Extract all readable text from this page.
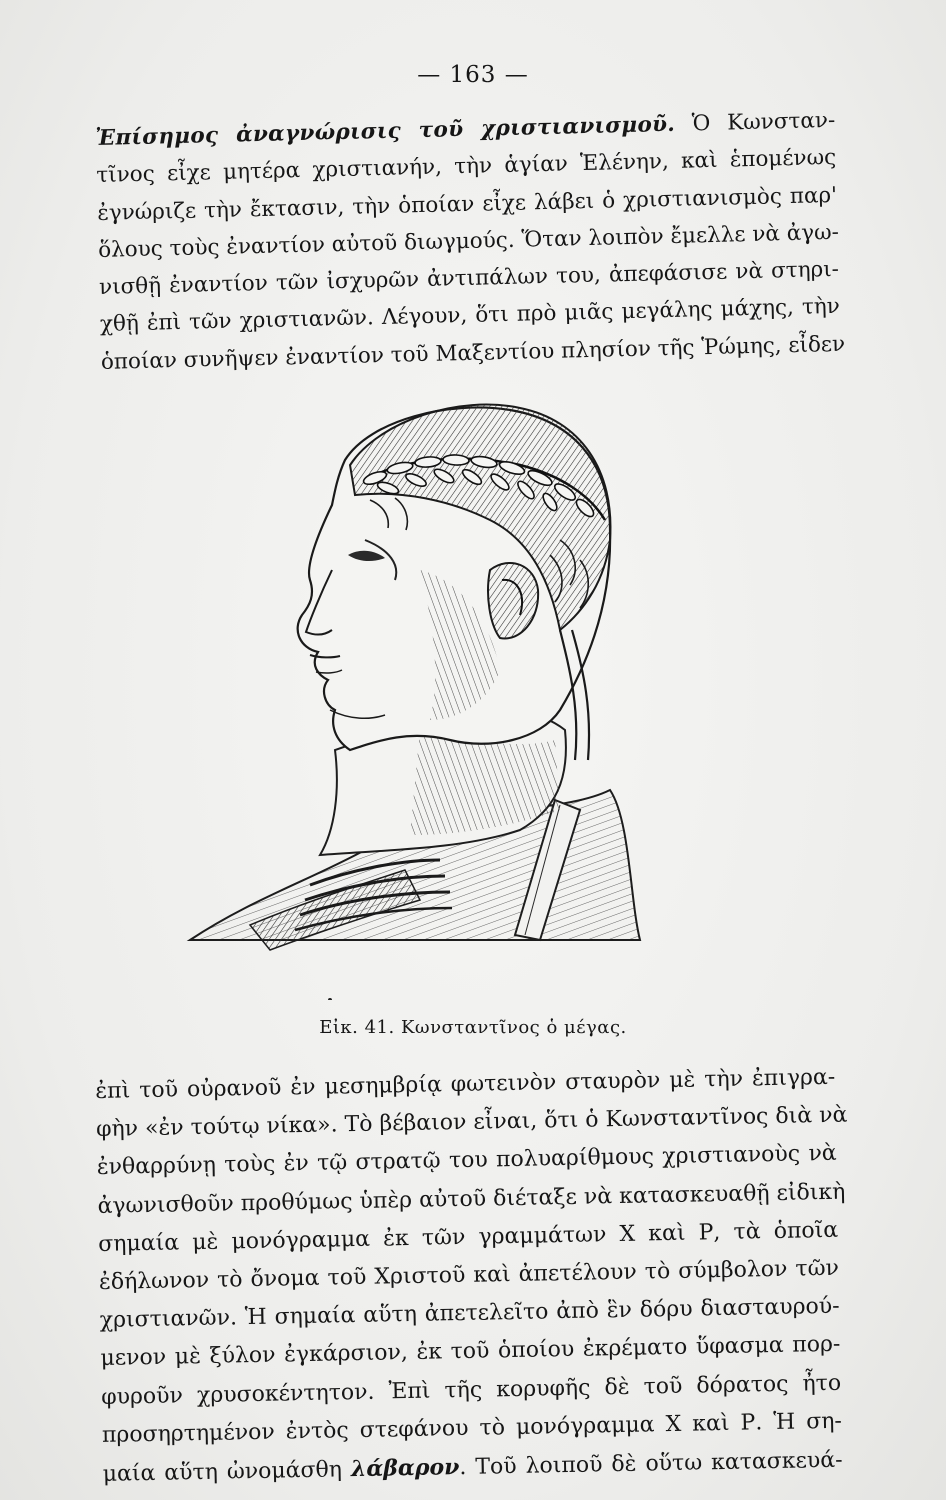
— 163 —
Ἐπίσημος ἀναγνώρισις τοῦ χριστιανισμοῦ. Ὁ Κωνσταν-
τῖνος εἶχε μητέρα χριστιανήν, τὴν ἁγίαν Ἑλένην, καὶ ἑπομένως
ἐγνώριζε τὴν ἔκτασιν, τὴν ὁποίαν εἶχε λάβει ὁ χριστιανισμὸς παρ'
ὅλους τοὺς ἐναντίον αὐτοῦ διωγμούς. Ὅταν λοιπὸν ἔμελλε νὰ ἀγω-
νισθῇ ἐναντίον τῶν ἰσχυρῶν ἀντιπάλων του, ἀπεφάσισε νὰ στηρι-
χθῇ ἐπὶ τῶν χριστιανῶν. Λέγουν, ὅτι πρὸ μιᾶς μεγάλης μάχης, τὴν
ὁποίαν συνῆψεν ἐναντίον τοῦ Μαξεντίου πλησίον τῆς Ῥώμης, εἶδεν
Εἰκ. 41. Κωνσταντῖνος ὁ μέγας.
ἐπὶ τοῦ οὐρανοῦ ἐν μεσημβρίᾳ φωτεινὸν σταυρὸν μὲ τὴν ἐπιγρα-
φὴν «ἐν τούτῳ νίκα». Τὸ βέβαιον εἶναι, ὅτι ὁ Κωνσταντῖνος διὰ νὰ
ἐνθαρρύνῃ τοὺς ἐν τῷ στρατῷ του πολυαρίθμους χριστιανοὺς νὰ
ἀγωνισθοῦν προθύμως ὑπὲρ αὐτοῦ διέταξε νὰ κατασκευαθῇ εἰδικὴ
σημαία μὲ μονόγραμμα ἐκ τῶν γραμμάτων Χ καὶ Ρ, τὰ ὁποῖα
ἐδήλωνον τὸ ὄνομα τοῦ Χριστοῦ καὶ ἀπετέλουν τὸ σύμβολον τῶν
χριστιανῶν. Ἡ σημαία αὕτη ἀπετελεῖτο ἀπὸ ἓν δόρυ διασταυρού-
μενον μὲ ξύλον ἐγκάρσιον, ἐκ τοῦ ὁποίου ἐκρέματο ὕφασμα πορ-
φυροῦν χρυσοκέντητον. Ἐπὶ τῆς κορυφῆς δὲ τοῦ δόρατος ἦτο
προσηρτημένον ἐντὸς στεφάνου τὸ μονόγραμμα Χ καὶ Ρ. Ἡ ση-
μαία αὕτη ὠνομάσθη λάβαρον. Τοῦ λοιποῦ δὲ οὕτω κατασκευά-
